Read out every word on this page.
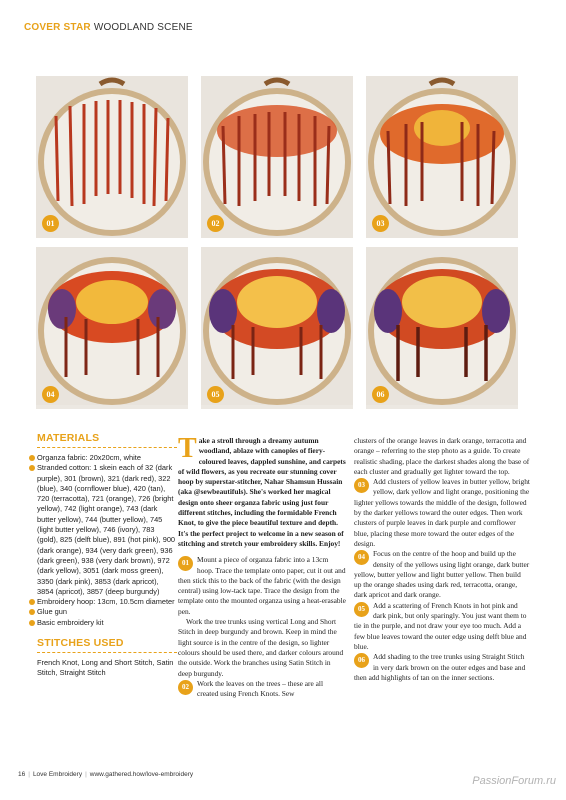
COVER STAR WOODLAND SCENE
01	02	03
04	05	06
MATERIALS
Organza fabric: 20x20cm, white
Stranded cotton: 1 skein each of 32 (dark purple), 301 (brown), 321 (dark red), 322 (blue), 340 (cornflower blue), 420 (tan), 720 (terracotta), 721 (orange), 726 (bright yellow), 742 (light orange), 743 (dark butter yellow), 744 (butter yellow), 745 (light butter yellow), 746 (ivory), 783 (gold), 825 (delft blue), 891 (hot pink), 900 (dark orange), 934 (very dark green), 936 (dark green), 938 (very dark brown), 972 (dark yellow), 3051 (dark moss green), 3350 (dark pink), 3853 (dark apricot), 3854 (apricot), 3857 (deep burgundy)
Embroidery hoop: 13cm, 10.5cm diameter
Glue gun
Basic embroidery kit
STITCHES USED

French Knot, Long and Short Stitch, Satin Stitch, Straight Stitch

Take a stroll through a dreamy autumn woodland, ablaze with canopies of fiery-coloured leaves, dappled sunshine, and carpets of wild flowers, as you recreate our stunning cover hoop by superstar-stitcher, Nahar Shamsun Hussain (aka @sewbeautifuls). She's worked her magical design onto sheer organza fabric using just four different stitches, including the formidable French Knot, to give the piece beautiful texture and depth. It's the perfect project to welcome in a new season of stitching and stretch your embroidery skills. Enjoy!

01	Mount a piece of organza fabric into a 13cm hoop. Trace the template onto paper, cut it out and then stick this to the back of the fabric (with the design central) using low-tack tape. Trace the design from the template onto the mounted organza using a heat-erasable pen.

Work the tree trunks using vertical Long and Short Stitch in deep burgundy and brown. Keep in mind the light source is in the centre of the design, so lighter colours should be used there, and darker colours around the outside. Work the branches using Satin Stitch in deep burgundy.

02	Work the leaves on the trees – these are all created using French Knots. Sew

clusters of the orange leaves in dark orange, terracotta and orange – referring to the step photo as a guide. To create realistic shading, place the darkest shades along the base of each cluster and gradually get lighter toward the top.

03	Add clusters of yellow leaves in butter yellow, bright yellow, dark yellow and light orange, positioning the lighter yellows towards the middle of the design, followed by the darker yellows toward the outer edges. Then work clusters of purple leaves in dark purple and cornflower blue, placing these more toward the outer edges of the design.

04	Focus on the centre of the hoop and build up the density of the yellows using light orange, dark butter yellow, butter yellow and light butter yellow. Then build up the orange shades using dark red, terracotta, orange, dark apricot and dark orange.

05	Add a scattering of French Knots in hot pink and dark pink, but only sparingly. You just want them to tie in the purple, and not draw your eye too much. Add a few blue leaves toward the outer edge using delft blue and blue.

06	Add shading to the tree trunks using Straight Stitch in very dark brown on the outer edges and base and then add highlights of tan on the inner sections.

16 | Love Embroidery | www.gathered.how/love-embroidery
PassionForum.ru
